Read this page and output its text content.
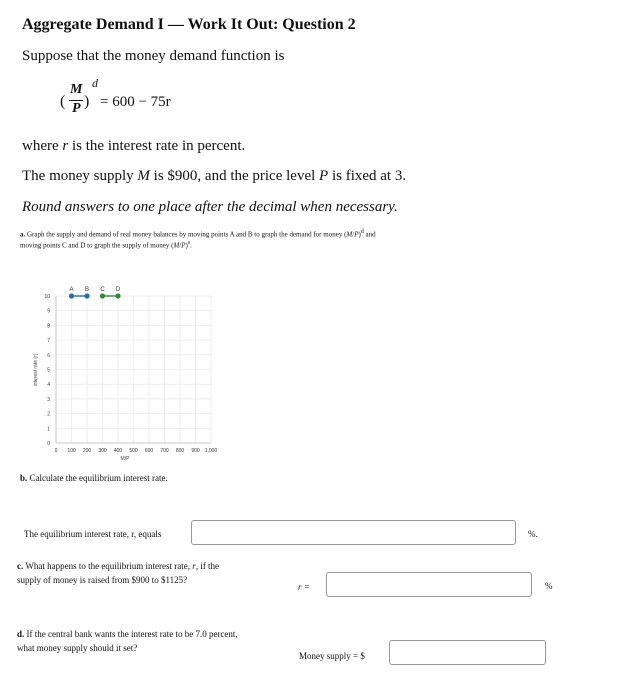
Aggregate Demand I — Work It Out: Question 2
Suppose that the money demand function is
(
M
P )
d
= 600 − 75r
where r is the interest rate in percent.
The money supply M is $900, and the price level P is fixed at 3.
Round answers to one place after the decimal when necessary.
a. Graph the supply and demand of real money balances by moving points A and B to graph the demand for money $(M/P)^d$ and
moving points C and D to graph the supply of money $(M/P)^s$.
0 100 200 300 400 500 600 700 800 900 1,000
0
1
2
3
4
5
6
7
8
9
10
A B C D
M/P
interest rate (r)
b. Calculate the equilibrium interest rate.
The equilibrium interest rate, r, equals	%.
c. What happens to the equilibrium interest rate, r, if the
supply of money is raised from $900 to $1125?
r =	%
d. If the central bank wants the interest rate to be 7.0 percent,
what money supply should it set?
Money supply = $
